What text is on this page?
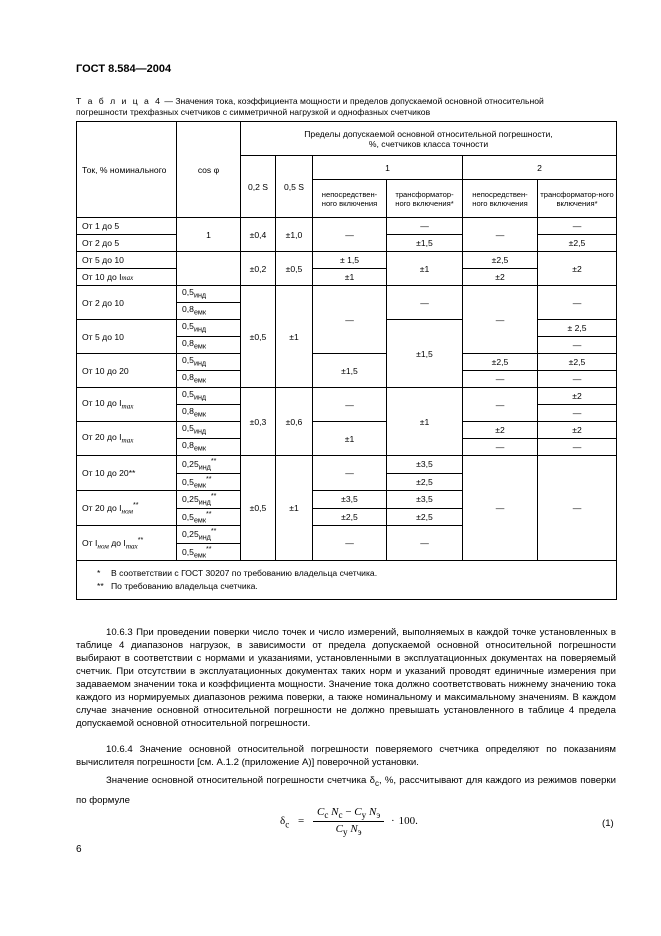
ГОСТ 8.584—2004
Т а б л и ц а 4 — Значения тока, коэффициента мощности и пределов допускаемой основной относительной
погрешности трехфазных счетчиков с симметричной нагрузкой и однофазных счетчиков
Ток, % номинального	cos φ	Пределы допускаемой основной относительной погрешности, %, счетчиков класса точности					
		0,2 S	0,5 S	1		2	
				непосредствен-ного включения	трансформатор-ного включения*	непосредствен-ного включения	трансформатор-ного включения*
От 1 до 5	1	±0,4	±1,0	—	—	—	—
От 2 до 5					±1,5		±2,5
От 5 до 10		±0,2	±0,5	± 1,5	±1	±2,5	±2
От 10 до Imax				±1		±2	
От 2 до 10	$0,5_{инд}$	±0,5	±1	—	—	—	—
	$0,8_{емк}$
От 5 до 10	$0,5_{инд}$				±1,5		± 2,5
	$0,8_{емк}$						—
От 10 до 20	$0,5_{инд}$			±1,5		±2,5	±2,5
	$0,8_{емк}$					—	—
От 10 до $I_{max}$	$0,5_{инд}$	±0,3	±0,6	—	±1	—	±2
	$0,8_{емк}$						—
От 20 до $I_{max}$	$0,5_{инд}$			±1		±2	±2
	$0,8_{емк}$					—	—
От 10 до 20**	$0,25_{инд}^{**}$	±0,5	±1	—	±3,5	—	—
	$0,5_{емк}^{**}$				±2,5		
От 20 до $I_{ном}^{**}$	$0,25_{инд}^{**}$			±3,5	±3,5		
	$0,5_{емк}^{**}$			±2,5	±2,5		
От $I_{ном}$ до $I_{max}^{**}$	$0,25_{инд}^{**}$			—	—		
	$0,5_{емк}^{**}$

* В соответствии с ГОСТ 30207 по требованию владельца счетчика.
** По требованию владельца счетчика.							
10.6.3 При проведении поверки число точек и число измерений, выполняемых в каждой точке установленных в таблице 4 диапазонов нагрузок, в зависимости от предела допускаемой основной относительной погрешности выбирают в соответствии с нормами и указаниями, установленными в эксплуатационных документах на поверяемый счетчик. При отсутствии в эксплуатационных документах таких норм и указаний проводят единичные измерения при задаваемом значении тока и коэффициента мощности. Значение тока должно соответствовать нижнему значению тока каждого из нормируемых диапазонов режима поверки, а также номинальному и максимальному значениям. В каждом случае значение основной относительной погрешности не должно превышать установленного в таблице 4 предела допускаемой основной относительной погрешности.
10.6.4 Значение основной относительной погрешности поверяемого счетчика определяют по показаниям вычислителя погрешности [см. А.1.2 (приложение А)] поверочной установки.
Значение основной относительной погрешности счетчика $\delta_с$, %, рассчитывают для каждого из режимов поверки по формуле
$\delta_с$ =
$C_с$ $N_с - C_у$ $N_э$
$C_у$ $N_э$
· 100.	(1)
6
